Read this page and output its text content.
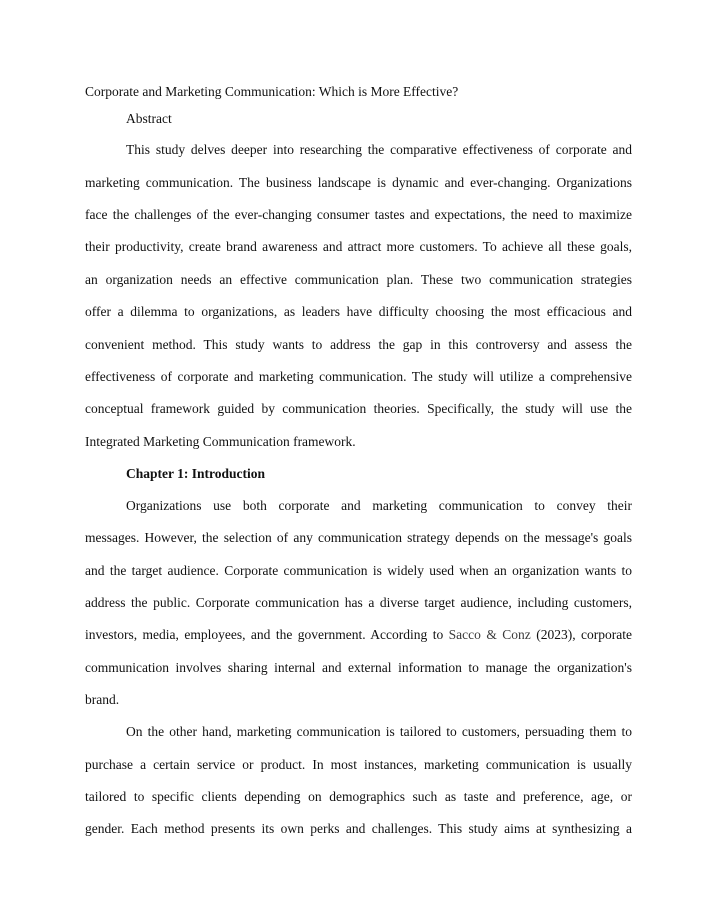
Corporate and Marketing Communication: Which is More Effective?
Abstract
This study delves deeper into researching the comparative effectiveness of corporate and
marketing communication. The business landscape is dynamic and ever-changing. Organizations
face the challenges of the ever-changing consumer tastes and expectations, the need to maximize
their productivity, create brand awareness and attract more customers. To achieve all these goals,
an organization needs an effective communication plan. These two communication strategies
offer a dilemma to organizations, as leaders have difficulty choosing the most efficacious and
convenient method. This study wants to address the gap in this controversy and assess the
effectiveness of corporate and marketing communication. The study will utilize a comprehensive
conceptual framework guided by communication theories. Specifically, the study will use the
Integrated Marketing Communication framework.
Chapter 1: Introduction
Organizations use both corporate and marketing communication to convey their
messages. However, the selection of any communication strategy depends on the message's goals
and the target audience. Corporate communication is widely used when an organization wants to
address the public. Corporate communication has a diverse target audience, including customers,
investors, media, employees, and the government. According to Sacco & Conz (2023), corporate
communication involves sharing internal and external information to manage the organization's
brand.
On the other hand, marketing communication is tailored to customers, persuading them to
purchase a certain service or product. In most instances, marketing communication is usually
tailored to specific clients depending on demographics such as taste and preference, age, or
gender. Each method presents its own perks and challenges. This study aims at synthesizing a
